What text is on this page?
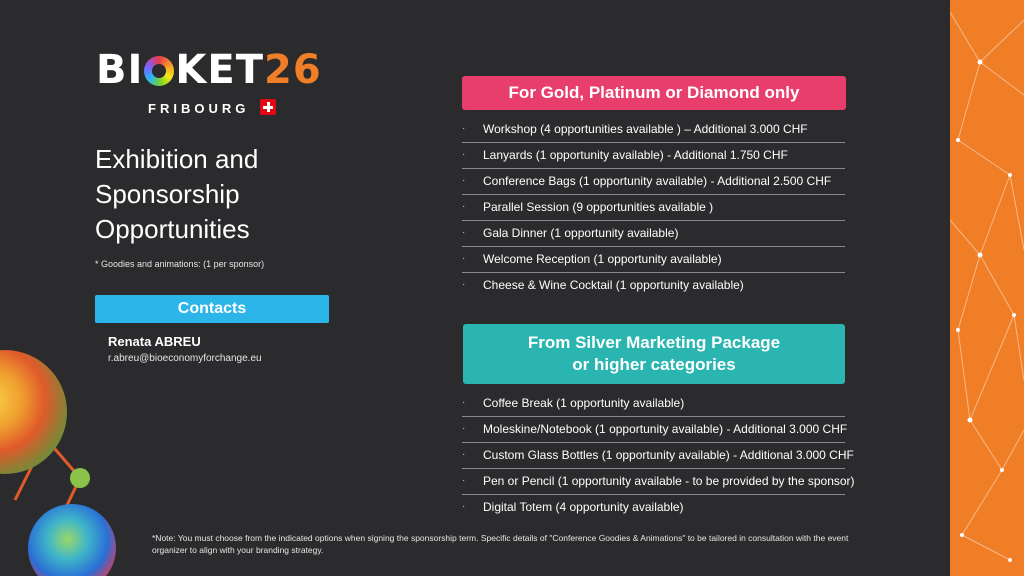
BI KET26
FRIBOURG
Exhibition and
Sponsorship
Opportunities
* Goodies and animations: (1 per sponsor)
Contacts
Renata ABREU
r.abreu@bioeconomyforchange.eu
For Gold, Platinum or Diamond only
· Workshop (4 opportunities available ) – Additional 3.000 CHF
· Lanyards (1 opportunity available) - Additional 1.750 CHF
· Conference Bags (1 opportunity available) - Additional 2.500 CHF
· Parallel Session (9 opportunities available )
· Gala Dinner (1 opportunity available)
· Welcome Reception (1 opportunity available)
· Cheese & Wine Cocktail (1 opportunity available)
From Silver Marketing Package
or higher categories
· Coffee Break (1 opportunity available)
· Moleskine/Notebook (1 opportunity available) - Additional 3.000 CHF
· Custom Glass Bottles (1 opportunity available) - Additional 3.000 CHF
· Pen or Pencil (1 opportunity available - to be provided by the sponsor)
· Digital Totem (4 opportunity available)
*Note: You must choose from the indicated options when signing the sponsorship term. Specific details of "Conference Goodies & Animations" to be tailored in consultation with the event organizer to align with your branding strategy.
